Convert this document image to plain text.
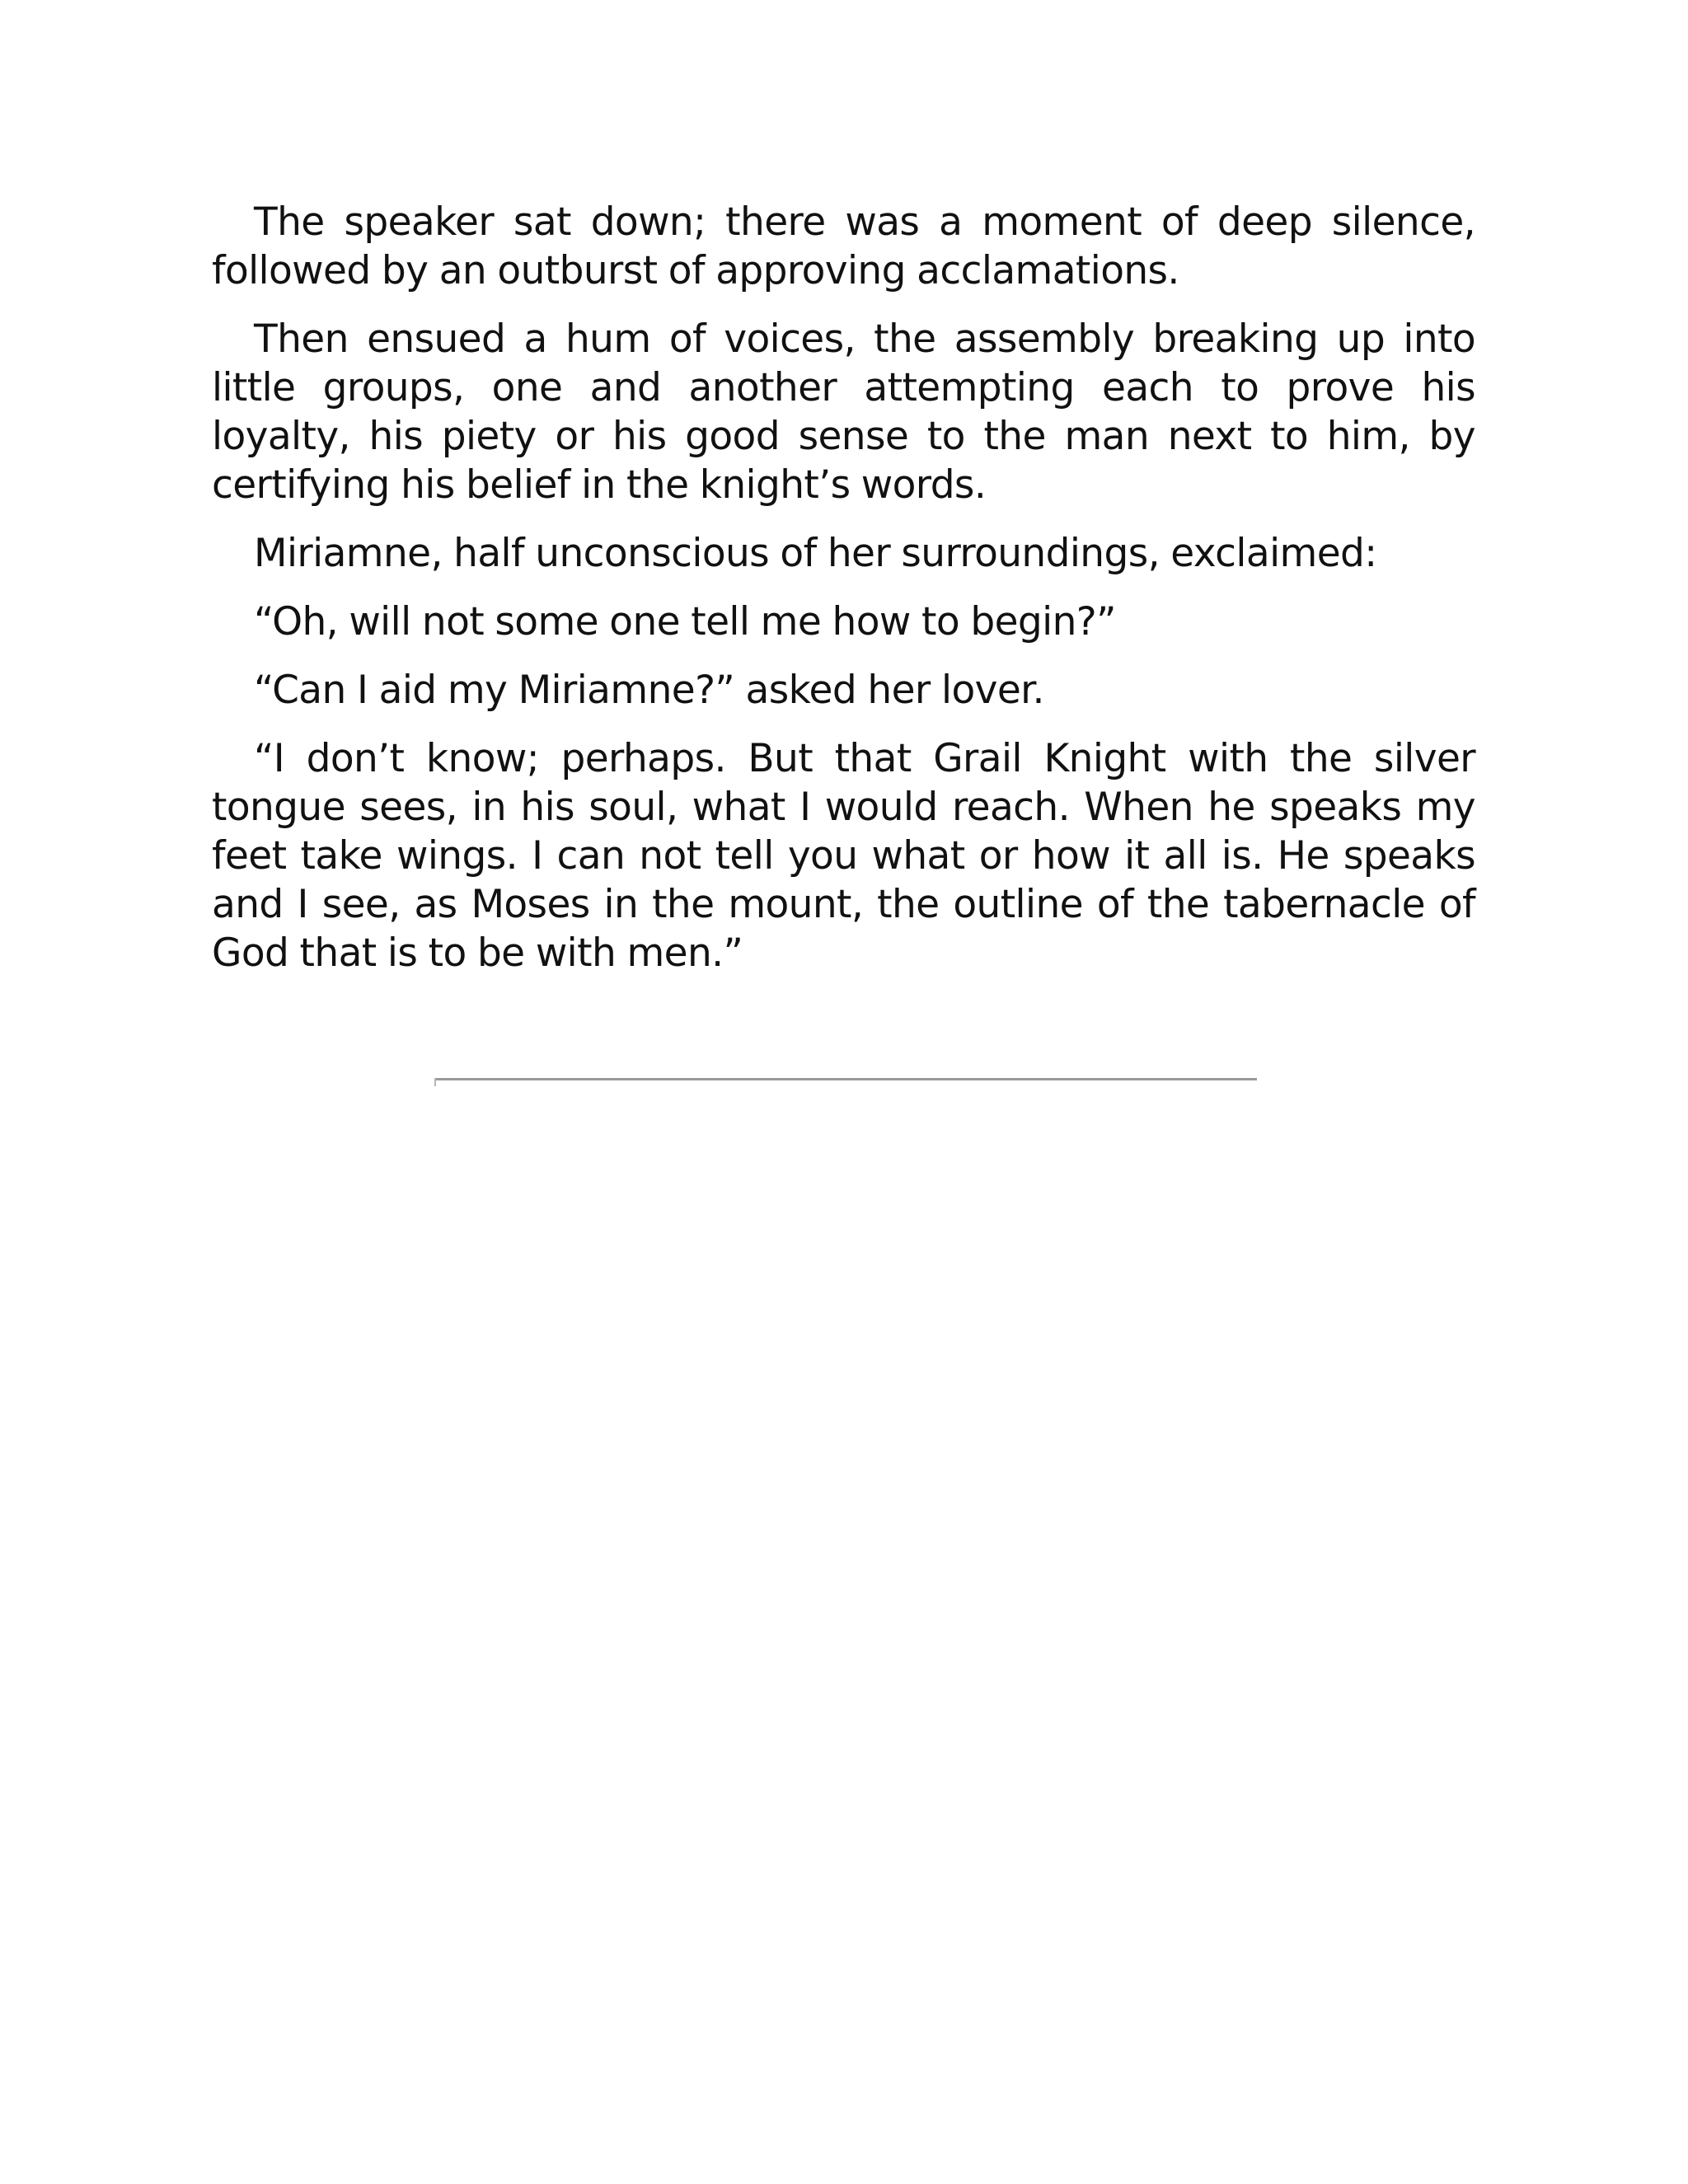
The speaker sat down; there was a moment of deep silence, followed by an outburst of approving acclamations.

Then ensued a hum of voices, the assembly breaking up into little groups, one and another attempting each to prove his loyalty, his piety or his good sense to the man next to him, by certifying his belief in the knight’s words.

Miriamne, half unconscious of her surroundings, exclaimed:

“Oh, will not some one tell me how to begin?”

“Can I aid my Miriamne?” asked her lover.

“I don’t know; perhaps. But that Grail Knight with the silver tongue sees, in his soul, what I would reach. When he speaks my feet take wings. I can not tell you what or how it all is. He speaks and I see, as Moses in the mount, the outline of the tabernacle of God that is to be with men.”
